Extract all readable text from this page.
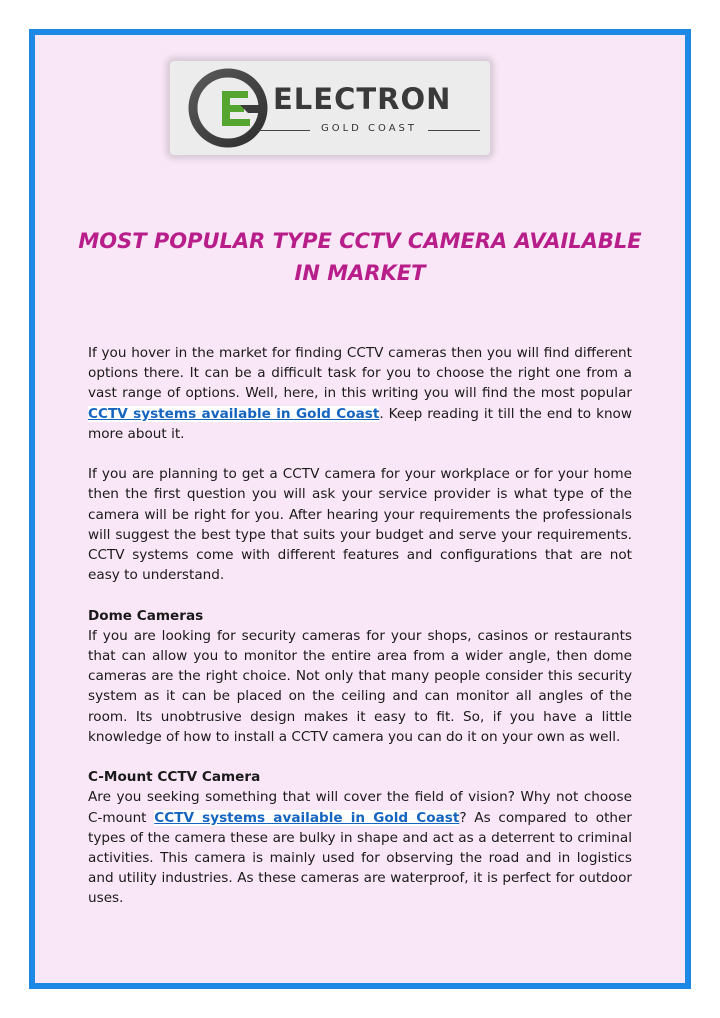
ELECTRON
GOLD COAST
MOST POPULAR TYPE CCTV CAMERA AVAILABLE
IN MARKET

If you hover in the market for finding CCTV cameras then you will find different options there. It can be a difficult task for you to choose the right one from a vast range of options. Well, here, in this writing you will find the most popular CCTV systems available in Gold Coast. Keep reading it till the end to know more about it.

If you are planning to get a CCTV camera for your workplace or for your home then the first question you will ask your service provider is what type of the camera will be right for you. After hearing your requirements the professionals will suggest the best type that suits your budget and serve your requirements. CCTV systems come with different features and configurations that are not easy to understand.

Dome Cameras
If you are looking for security cameras for your shops, casinos or restaurants that can allow you to monitor the entire area from a wider angle, then dome cameras are the right choice. Not only that many people consider this security system as it can be placed on the ceiling and can monitor all angles of the room. Its unobtrusive design makes it easy to fit. So, if you have a little knowledge of how to install a CCTV camera you can do it on your own as well.

C-Mount CCTV Camera
Are you seeking something that will cover the field of vision? Why not choose C-mount CCTV systems available in Gold Coast? As compared to other types of the camera these are bulky in shape and act as a deterrent to criminal activities. This camera is mainly used for observing the road and in logistics and utility industries. As these cameras are waterproof, it is perfect for outdoor uses.
